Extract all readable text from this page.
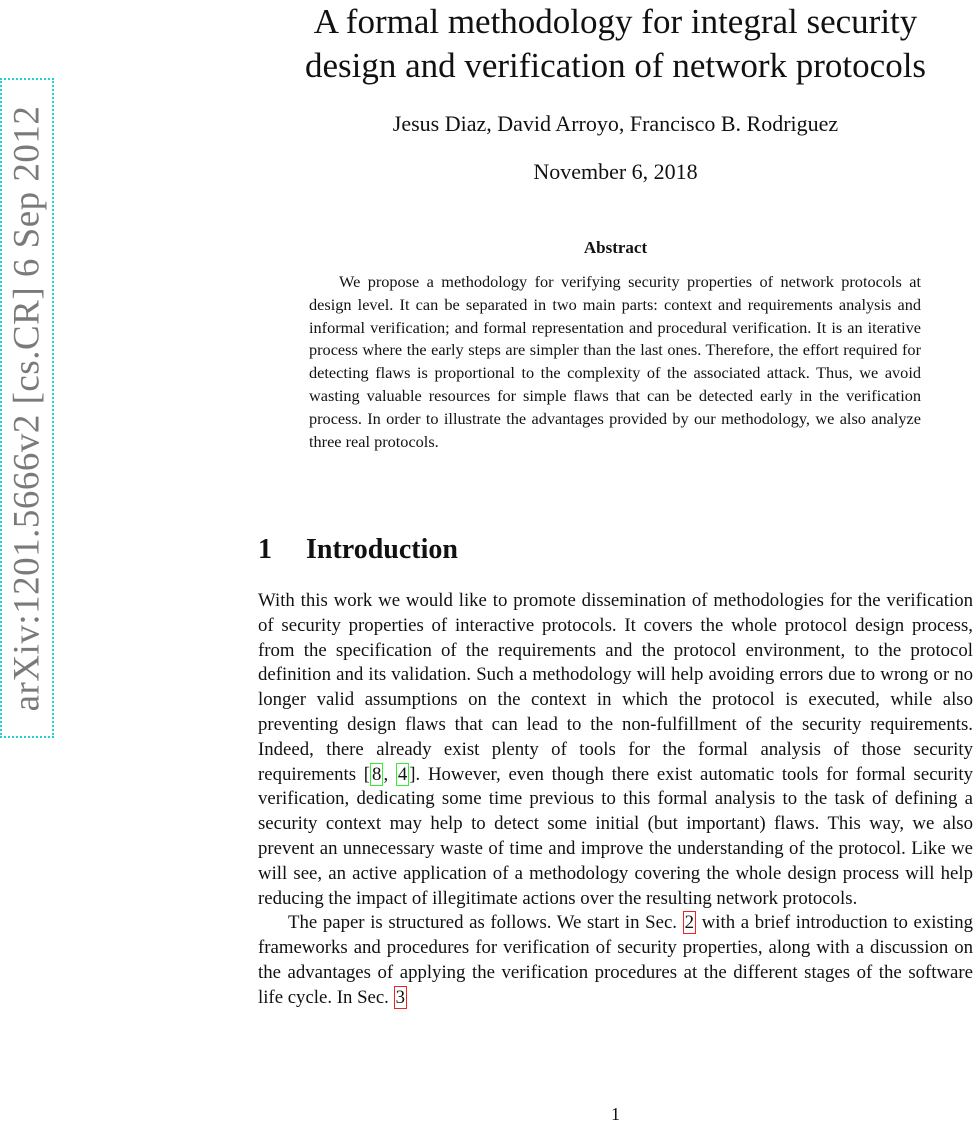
arXiv:1201.5666v2 [cs.CR] 6 Sep 2012
A formal methodology for integral security
design and verification of network protocols
Jesus Diaz, David Arroyo, Francisco B. Rodriguez
November 6, 2018
Abstract

We propose a methodology for verifying security properties of network protocols at design level. It can be separated in two main parts: context and requirements analysis and informal verification; and formal representation and procedural verification. It is an iterative process where the early steps are simpler than the last ones. Therefore, the effort required for detecting flaws is proportional to the complexity of the associated attack. Thus, we avoid wasting valuable resources for simple flaws that can be detected early in the verification process. In order to illustrate the advantages provided by our methodology, we also analyze three real protocols.

1 Introduction

With this work we would like to promote dissemination of methodologies for the verification of security properties of interactive protocols. It covers the whole protocol design process, from the specification of the requirements and the protocol environment, to the protocol definition and its validation. Such a methodology will help avoiding errors due to wrong or no longer valid assumptions on the context in which the protocol is executed, while also preventing design flaws that can lead to the non-fulfillment of the security requirements. Indeed, there already exist plenty of tools for the formal analysis of those security requirements [ 8 , 4 ]. However, even though there exist automatic tools for formal security verification, dedicating some time previous to this formal analysis to the task of defining a security context may help to detect some initial (but important) flaws. This way, we also prevent an unnecessary waste of time and improve the understanding of the protocol. Like we will see, an active application of a methodology covering the whole design process will help reducing the impact of illegitimate actions over the resulting network protocols.

The paper is structured as follows. We start in Sec. 2 with a brief introduction to existing frameworks and procedures for verification of security properties, along with a discussion on the advantages of applying the verification procedures at the different stages of the software life cycle. In Sec. 3

1
